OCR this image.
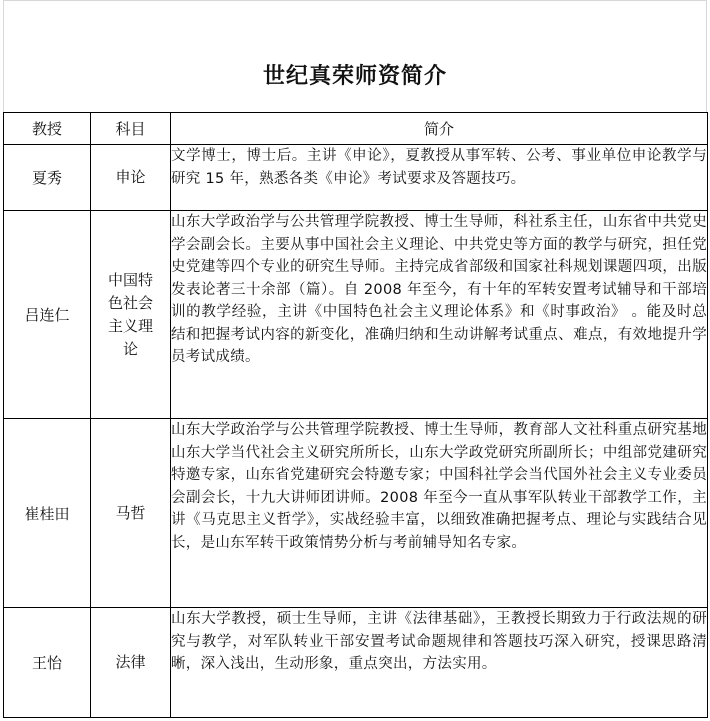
世纪真荣师资简介
教授	科目	简介
夏秀	申论	文学博士，博士后。主讲《申论》，夏教授从事军转、公考、事业单位申论教学与研究 15 年，熟悉各类《申论》考试要求及答题技巧。
吕连仁	中国特色社会主义理论	山东大学政治学与公共管理学院教授、博士生导师，科社系主任，山东省中共党史学会副会长。主要从事中国社会主义理论、中共党史等方面的教学与研究，担任党史党建等四个专业的研究生导师。主持完成省部级和国家社科规划课题四项，出版发表论著三十余部（篇）。自 2008 年至今，有十年的军转安置考试辅导和干部培训的教学经验，主讲《中国特色社会主义理论体系》和《时事政治》 。能及时总结和把握考试内容的新变化，准确归纳和生动讲解考试重点、难点，有效地提升学员考试成绩。
崔桂田	马哲	山东大学政治学与公共管理学院教授、博士生导师，教育部人文社科重点研究基地山东大学当代社会主义研究所所长，山东大学政党研究所副所长；中组部党建研究特邀专家，山东省党建研究会特邀专家；中国科社学会当代国外社会主义专业委员会副会长，十九大讲师团讲师。2008 年至今一直从事军队转业干部教学工作，主讲《马克思主义哲学》，实战经验丰富，以细致准确把握考点、理论与实践结合见长，是山东军转干政策情势分析与考前辅导知名专家。
王怡	法律	山东大学教授，硕士生导师，主讲《法律基础》，王教授长期致力于行政法规的研究与教学，对军队转业干部安置考试命题规律和答题技巧深入研究，授课思路清晰，深入浅出，生动形象，重点突出，方法实用。
